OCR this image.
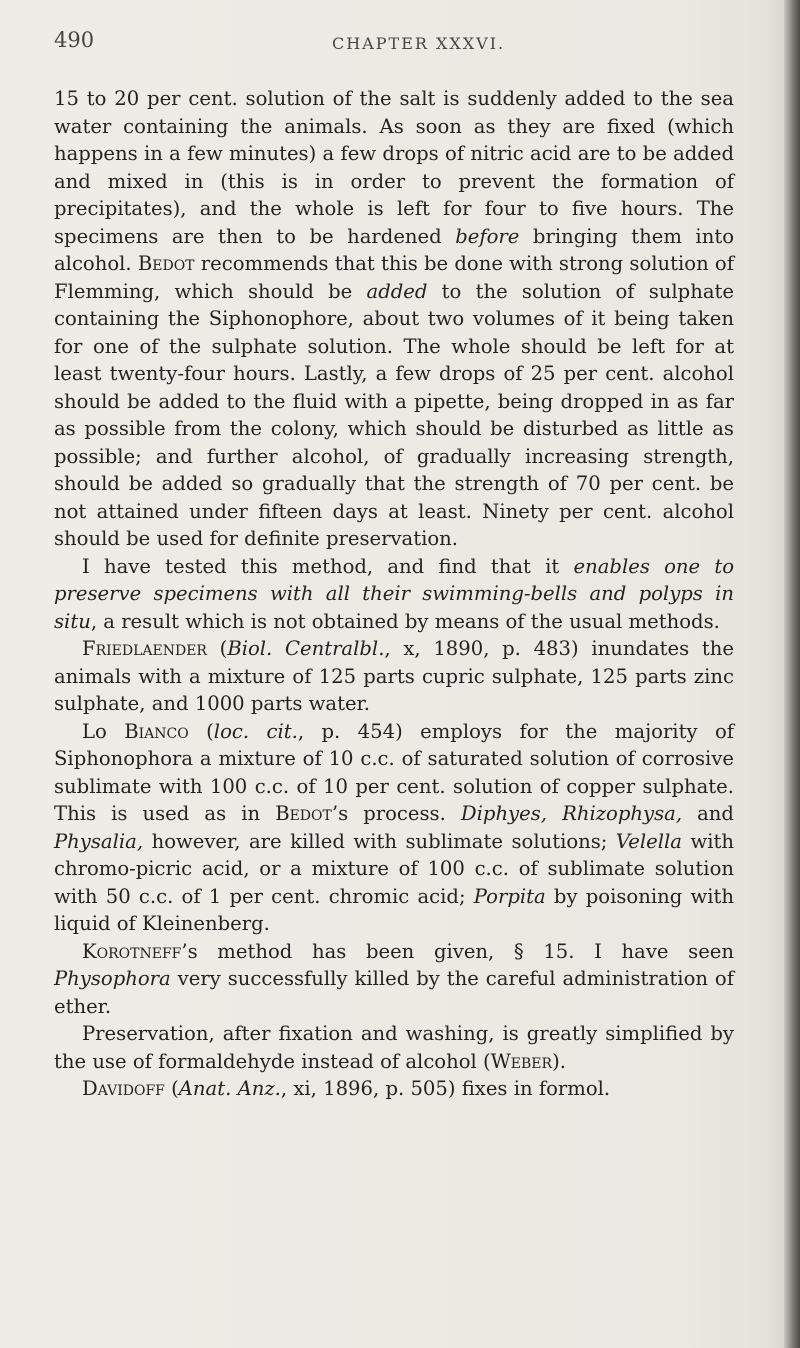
490	CHAPTER XXXVI.

15 to 20 per cent. solution of the salt is suddenly added to the sea water containing the animals. As soon as they are fixed (which happens in a few minutes) a few drops of nitric acid are to be added and mixed in (this is in order to prevent the formation of precipitates), and the whole is left for four to five hours. The specimens are then to be hardened before bringing them into alcohol. Bedot recommends that this be done with strong solution of Flemming, which should be added to the solution of sulphate containing the Siphonophore, about two volumes of it being taken for one of the sulphate solution. The whole should be left for at least twenty-four hours. Lastly, a few drops of 25 per cent. alcohol should be added to the fluid with a pipette, being dropped in as far as possible from the colony, which should be disturbed as little as possible; and further alcohol, of gradually increasing strength, should be added so gradually that the strength of 70 per cent. be not attained under fifteen days at least. Ninety per cent. alcohol should be used for definite preservation.

I have tested this method, and find that it enables one to preserve specimens with all their swimming-bells and polyps in situ, a result which is not obtained by means of the usual methods.

Friedlaender (Biol. Centralbl., x, 1890, p. 483) inundates the animals with a mixture of 125 parts cupric sulphate, 125 parts zinc sulphate, and 1000 parts water.

Lo Bianco (loc. cit., p. 454) employs for the majority of Siphonophora a mixture of 10 c.c. of saturated solution of corrosive sublimate with 100 c.c. of 10 per cent. solution of copper sulphate. This is used as in Bedot’s process. Diphyes, Rhizophysa, and Physalia, however, are killed with sublimate solutions; Velella with chromo-picric acid, or a mixture of 100 c.c. of sublimate solution with 50 c.c. of 1 per cent. chromic acid; Porpita by poisoning with liquid of Kleinenberg.

Korotneff’s method has been given, § 15. I have seen Physophora very successfully killed by the careful administration of ether.

Preservation, after fixation and washing, is greatly simplified by the use of formaldehyde instead of alcohol (Weber).

Davidoff (Anat. Anz., xi, 1896, p. 505) fixes in formol.
